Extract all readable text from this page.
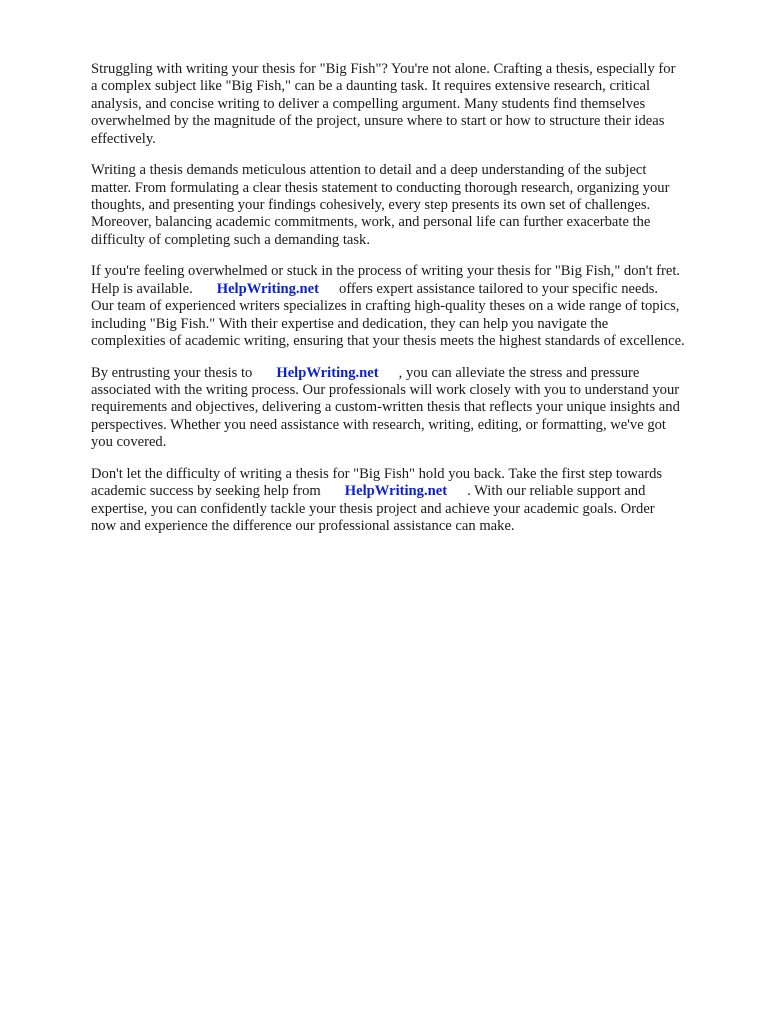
Struggling with writing your thesis for "Big Fish"? You're not alone. Crafting a thesis, especially for
a complex subject like "Big Fish," can be a daunting task. It requires extensive research, critical
analysis, and concise writing to deliver a compelling argument. Many students find themselves
overwhelmed by the magnitude of the project, unsure where to start or how to structure their ideas
effectively.
Writing a thesis demands meticulous attention to detail and a deep understanding of the subject
matter. From formulating a clear thesis statement to conducting thorough research, organizing your
thoughts, and presenting your findings cohesively, every step presents its own set of challenges.
Moreover, balancing academic commitments, work, and personal life can further exacerbate the
difficulty of completing such a demanding task.
If you're feeling overwhelmed or stuck in the process of writing your thesis for "Big Fish," don't fret.
Help is available. HelpWriting.net offers expert assistance tailored to your specific needs.
Our team of experienced writers specializes in crafting high-quality theses on a wide range of topics,
including "Big Fish." With their expertise and dedication, they can help you navigate the
complexities of academic writing, ensuring that your thesis meets the highest standards of excellence.
By entrusting your thesis to HelpWriting.net , you can alleviate the stress and pressure
associated with the writing process. Our professionals will work closely with you to understand your
requirements and objectives, delivering a custom-written thesis that reflects your unique insights and
perspectives. Whether you need assistance with research, writing, editing, or formatting, we've got
you covered.
Don't let the difficulty of writing a thesis for "Big Fish" hold you back. Take the first step towards
academic success by seeking help from HelpWriting.net . With our reliable support and
expertise, you can confidently tackle your thesis project and achieve your academic goals. Order
now and experience the difference our professional assistance can make.
